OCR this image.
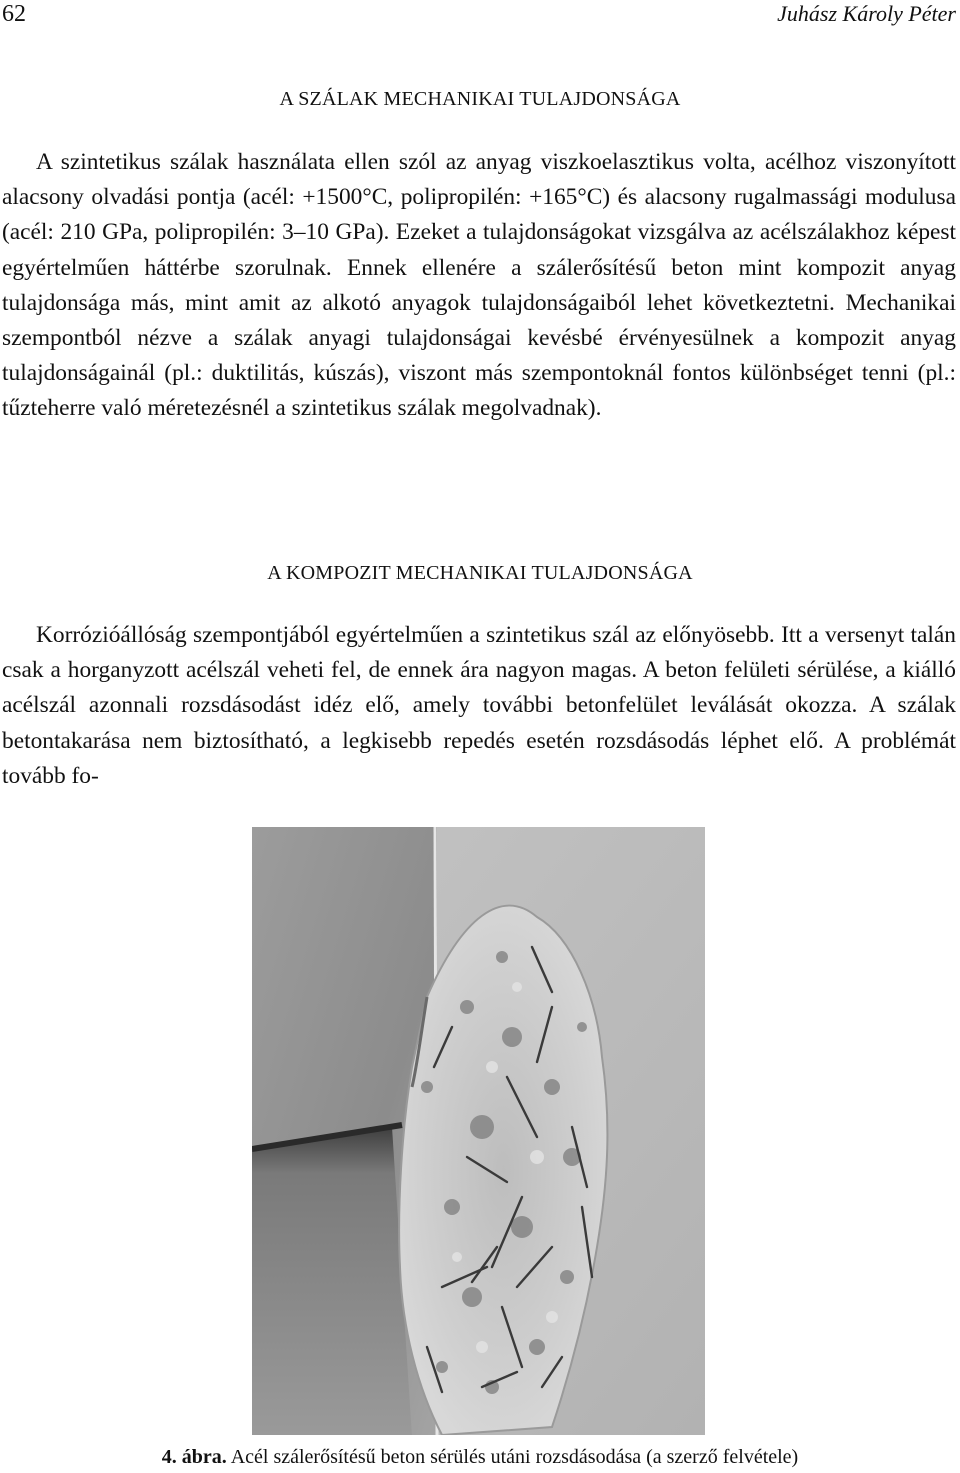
62	Juhász Károly Péter
A SZÁLAK MECHANIKAI TULAJDONSÁGA

A szintetikus szálak használata ellen szól az anyag viszkoelasztikus volta, acélhoz viszonyított alacsony olvadási pontja (acél: +1500°C, polipropilén: +165°C) és alacsony rugalmassági modulusa (acél: 210 GPa, polipropilén: 3–10 GPa). Ezeket a tulajdonságokat vizsgálva az acélszálakhoz képest egyértelműen háttérbe szorulnak. Ennek ellenére a szálerősítésű beton mint kompozit anyag tulajdonsága más, mint amit az alkotó anyagok tulajdonságaiból lehet következtetni. Mechanikai szempontból nézve a szálak anyagi tulajdonságai kevésbé érvényesülnek a kompozit anyag tulajdonságainál (pl.: duktilitás, kúszás), viszont más szempontoknál fontos különbséget tenni (pl.: tűzteherre való méretezésnél a szintetikus szálak megolvadnak).

A KOMPOZIT MECHANIKAI TULAJDONSÁGA

Korrózióállóság szempontjából egyértelműen a szintetikus szál az előnyösebb. Itt a versenyt talán csak a horganyzott acélszál veheti fel, de ennek ára nagyon magas. A beton felületi sérülése, a kiálló acélszál azonnali rozsdásodást idéz elő, amely további betonfelület leválását okozza. A szálak betontakarása nem biztosítható, a legkisebb repedés esetén rozsdásodás léphet elő. A problémát tovább fo-

4. ábra. Acél szálerősítésű beton sérülés utáni rozsdásodása (a szerző felvétele)
